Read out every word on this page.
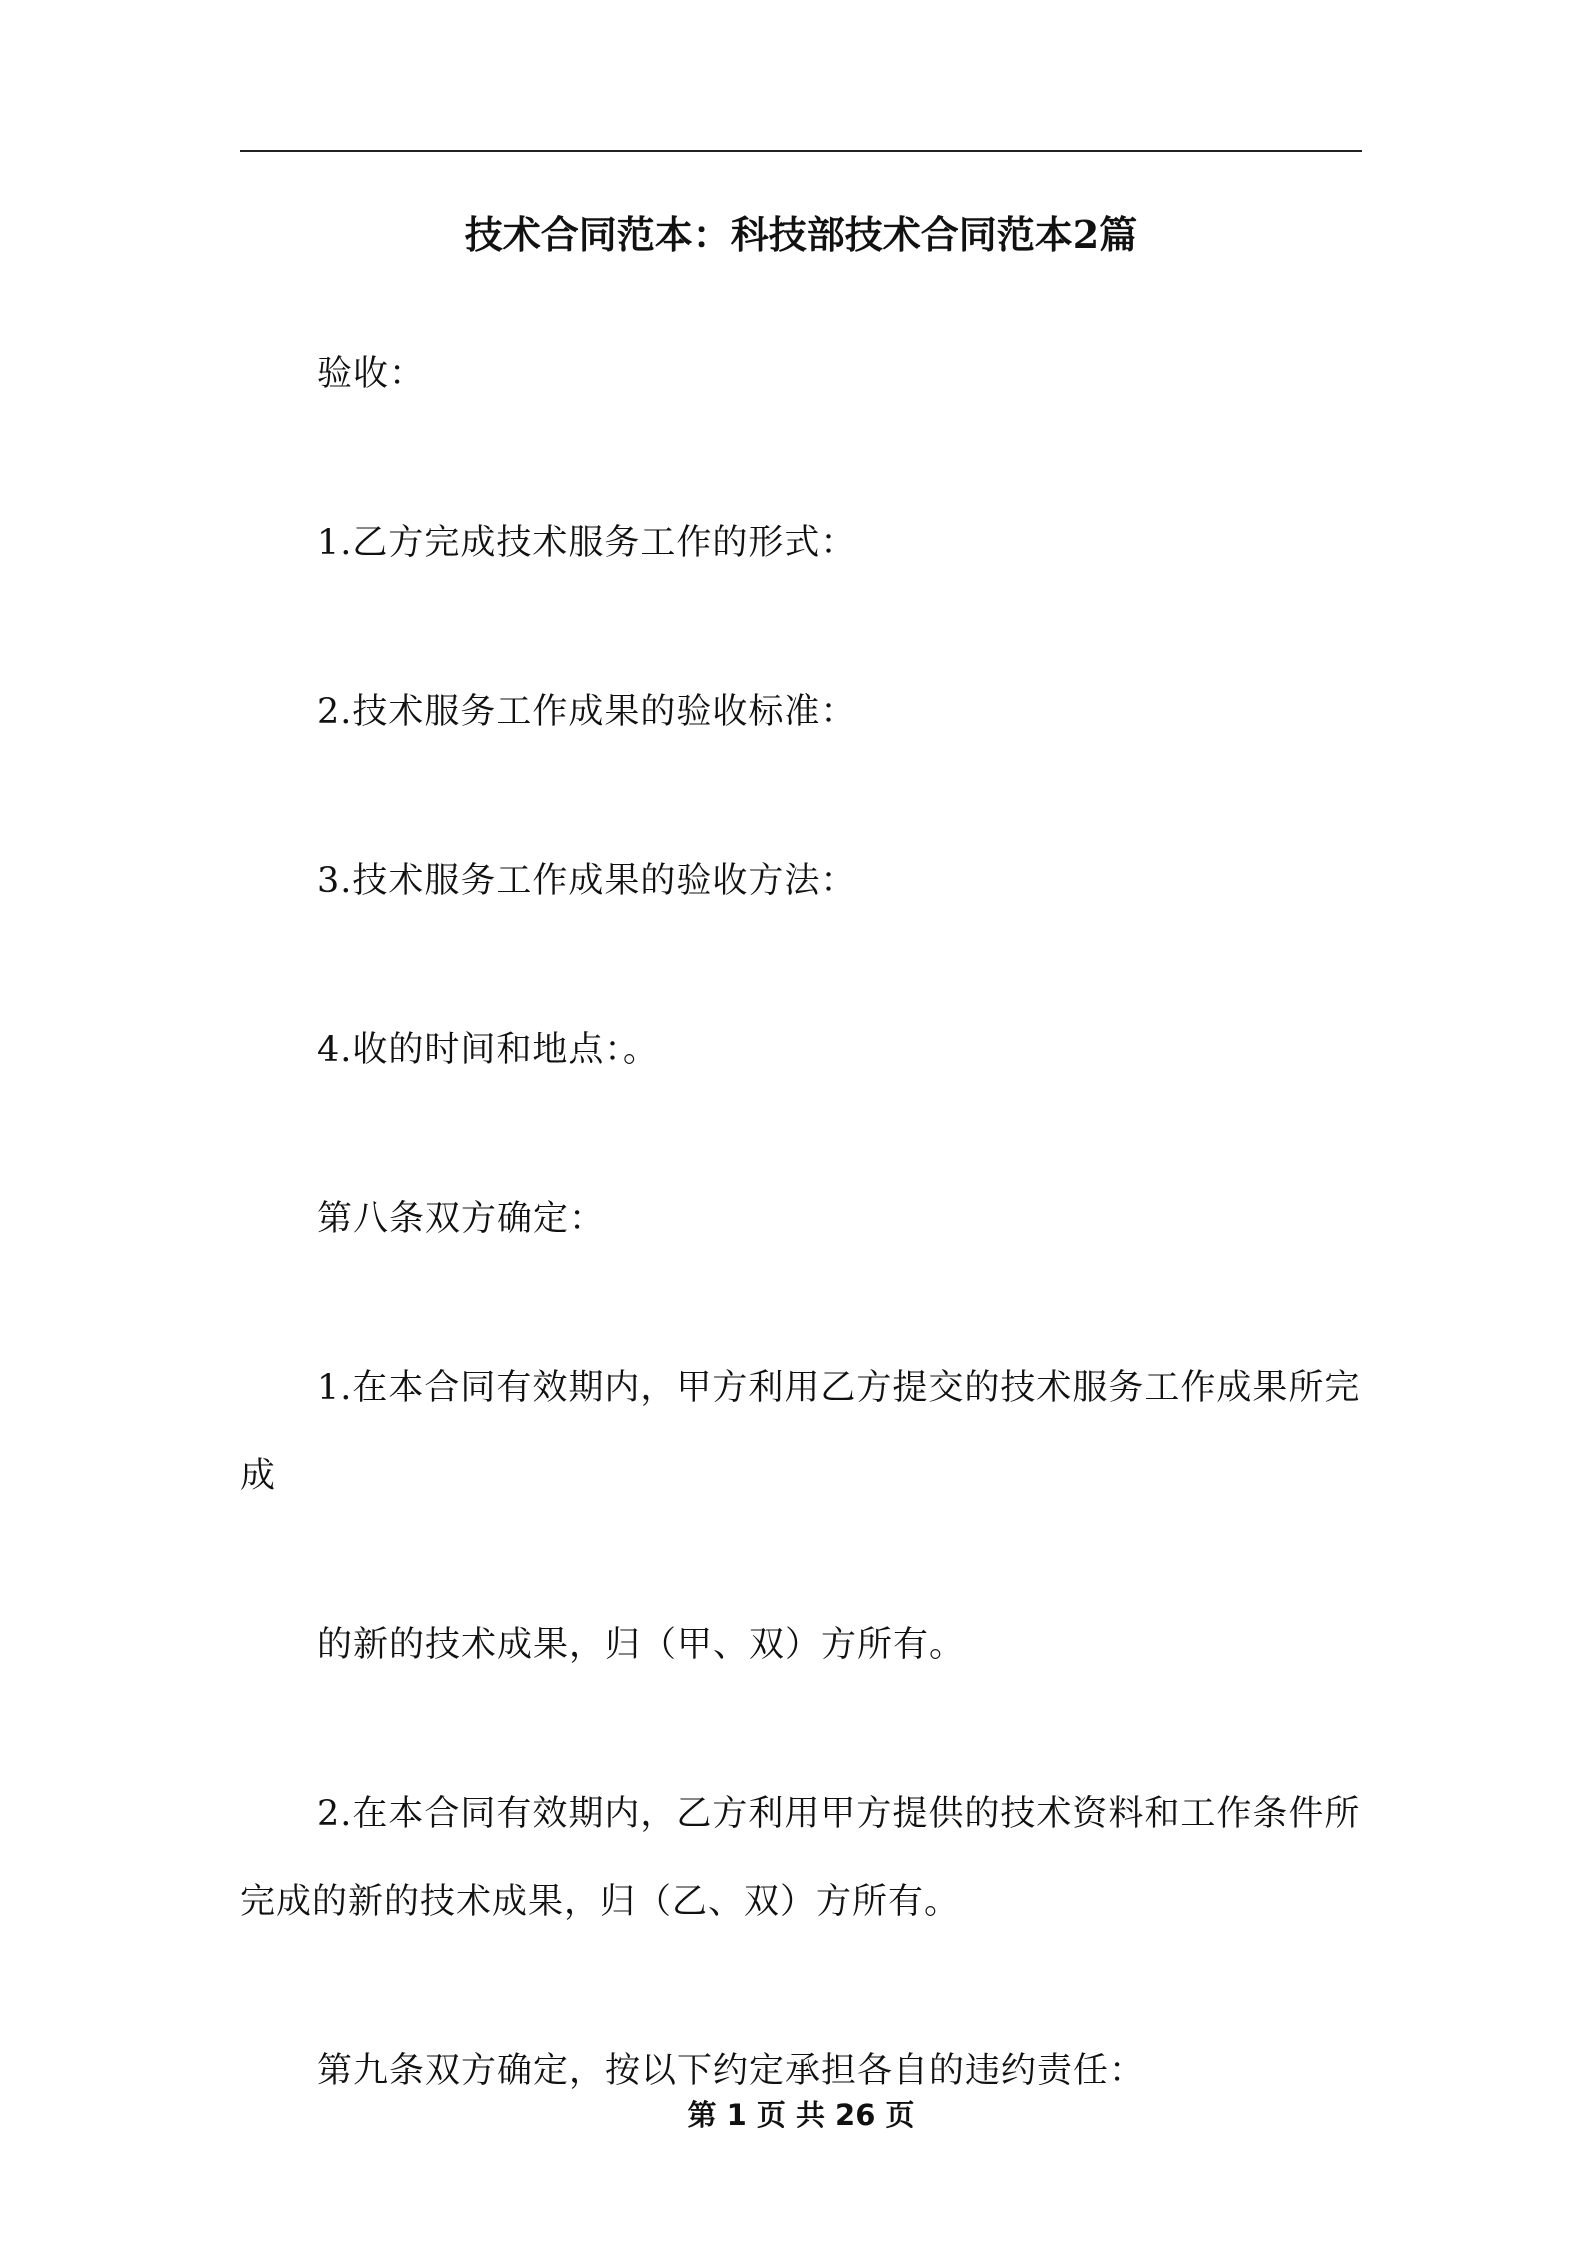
技术合同范本：科技部技术合同范本2篇

验收：

1.乙方完成技术服务工作的形式：

2.技术服务工作成果的验收标准：

3.技术服务工作成果的验收方法：

4.收的时间和地点：。

第八条双方确定：

1.在本合同有效期内，甲方利用乙方提交的技术服务工作成果所完成

的新的技术成果，归（甲、双）方所有。

2.在本合同有效期内，乙方利用甲方提供的技术资料和工作条件所完成的新的技术成果，归（乙、双）方所有。

第九条双方确定，按以下约定承担各自的违约责任：

第 1 页 共 26 页
